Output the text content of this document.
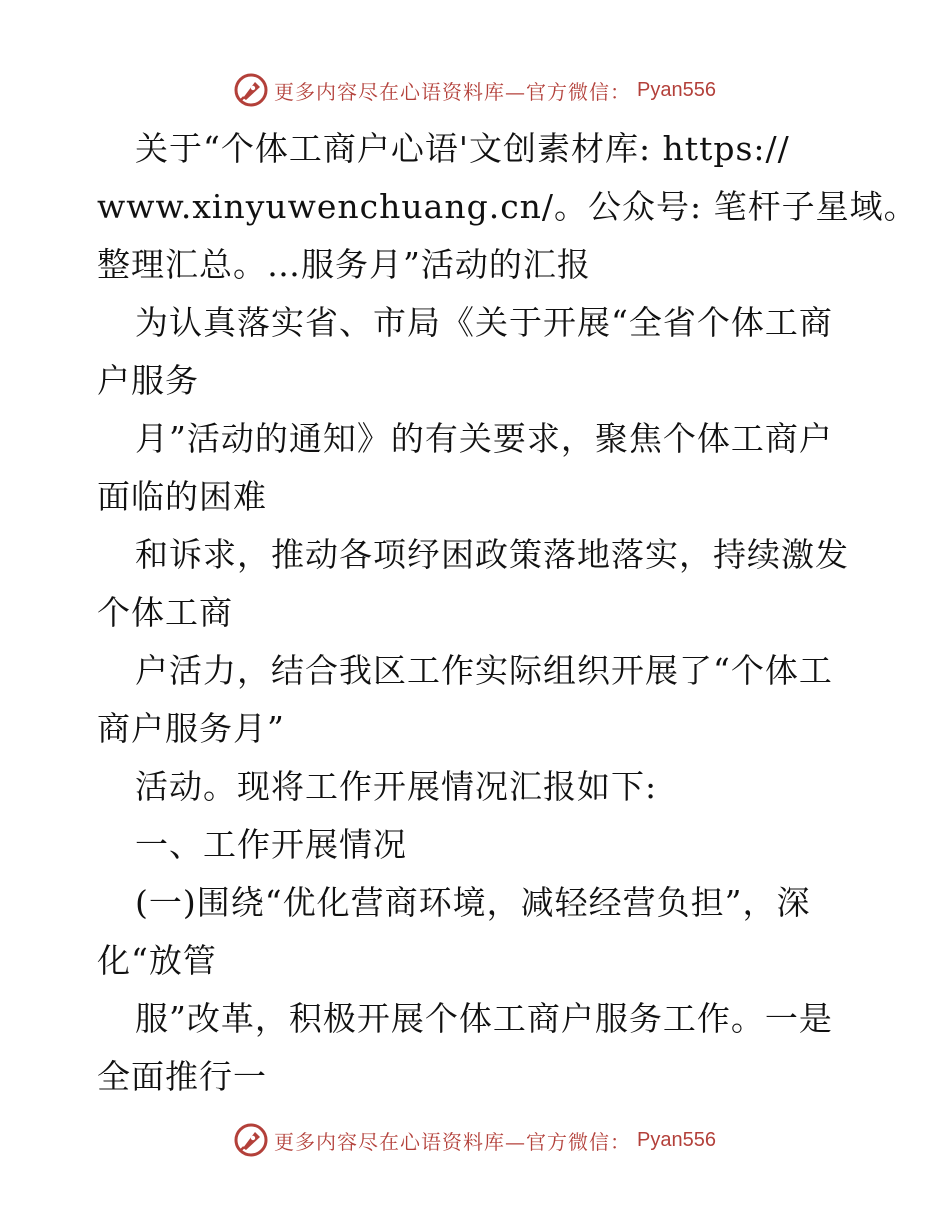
更多内容尽在心语资料库—官方微信： Pyan556
关于“个体工商户心语'文创素材库: https://
www.xinyuwenchuang.cn/。公众号: 笔杆子星域。
整理汇总。…服务月”活动的汇报
为认真落实省、市局《关于开展“全省个体工商
户服务
月”活动的通知》的有关要求，聚焦个体工商户
面临的困难
和诉求，推动各项纾困政策落地落实，持续激发
个体工商
户活力，结合我区工作实际组织开展了“个体工
商户服务月”
活动。现将工作开展情况汇报如下:
一、工作开展情况
(一)围绕“优化营商环境，减轻经营负担”，深
化“放管
服”改革，积极开展个体工商户服务工作。一是
全面推行一
更多内容尽在心语资料库—官方微信： Pyan556
